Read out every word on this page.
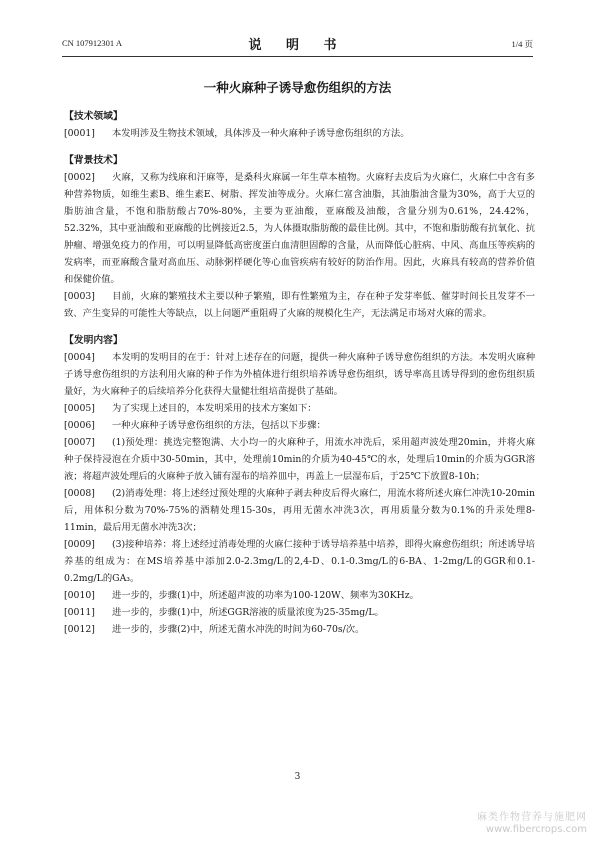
CN 107912301 A	说 明 书	1/4 页
一种火麻种子诱导愈伤组织的方法
【技术领域】
[0001] 本发明涉及生物技术领域，具体涉及一种火麻种子诱导愈伤组织的方法。
【背景技术】
[0002] 火麻，又称为线麻和汗麻等，是桑科火麻属一年生草本植物。火麻籽去皮后为火麻仁，火麻仁中含有多种营养物质，如维生素B、维生素E、树脂、挥发油等成分。火麻仁富含油脂，其油脂油含量为30%，高于大豆的脂肪油含量，不饱和脂肪酸占70%-80%，主要为亚油酸，亚麻酸及油酸，含量分别为0.61%，24.42%，52.32%，其中亚油酸和亚麻酸的比例接近2.5，为人体摄取脂肪酸的最佳比例。其中，不饱和脂肪酸有抗氧化、抗肿瘤、增强免疫力的作用，可以明显降低高密度蛋白血清胆固醇的含量，从而降低心脏病、中风、高血压等疾病的发病率，而亚麻酸含量对高血压、动脉粥样硬化等心血管疾病有较好的防治作用。因此，火麻具有较高的营养价值和保健价值。
[0003] 目前，火麻的繁殖技术主要以种子繁殖，即有性繁殖为主，存在种子发芽率低、催芽时间长且发芽不一致、产生变异的可能性大等缺点，以上问题严重阻碍了火麻的规模化生产，无法满足市场对火麻的需求。
【发明内容】
[0004] 本发明的发明目的在于：针对上述存在的问题，提供一种火麻种子诱导愈伤组织的方法。本发明火麻种子诱导愈伤组织的方法利用火麻的种子作为外植体进行组织培养诱导愈伤组织，诱导率高且诱导得到的愈伤组织质量好，为火麻种子的后续培养分化获得大量健壮组培苗提供了基础。
[0005] 为了实现上述目的，本发明采用的技术方案如下：
[0006] 一种火麻种子诱导愈伤组织的方法，包括以下步骤：
[0007] (1)预处理：挑选完整饱满、大小均一的火麻种子，用流水冲洗后，采用超声波处理20min，并将火麻种子保持浸泡在介质中30-50min，其中，处理前10min的介质为40-45℃的水，处理后10min的介质为GGR溶液；将超声波处理后的火麻种子放入铺有湿布的培养皿中，再盖上一层湿布后，于25℃下放置8-10h；
[0008] (2)消毒处理：将上述经过预处理的火麻种子剥去种皮后得火麻仁，用流水将所述火麻仁冲洗10-20min后，用体积分数为70%-75%的酒精处理15-30s，再用无菌水冲洗3次，再用质量分数为0.1%的升汞处理8-11min，最后用无菌水冲洗3次；
[0009] (3)接种培养：将上述经过消毒处理的火麻仁接种于诱导培养基中培养，即得火麻愈伤组织；所述诱导培养基的组成为：在MS培养基中添加2.0-2.3mg/L的2,4-D、0.1-0.3mg/L的6-BA、1-2mg/L的GGR和0.1-0.2mg/L的GA₃。
[0010] 进一步的，步骤(1)中，所述超声波的功率为100-120W、频率为30KHz。
[0011] 进一步的，步骤(1)中，所述GGR溶液的质量浓度为25-35mg/L。
[0012] 进一步的，步骤(2)中，所述无菌水冲洗的时间为60-70s/次。
3
麻类作物营养与施肥网
www.fibercrops.com
